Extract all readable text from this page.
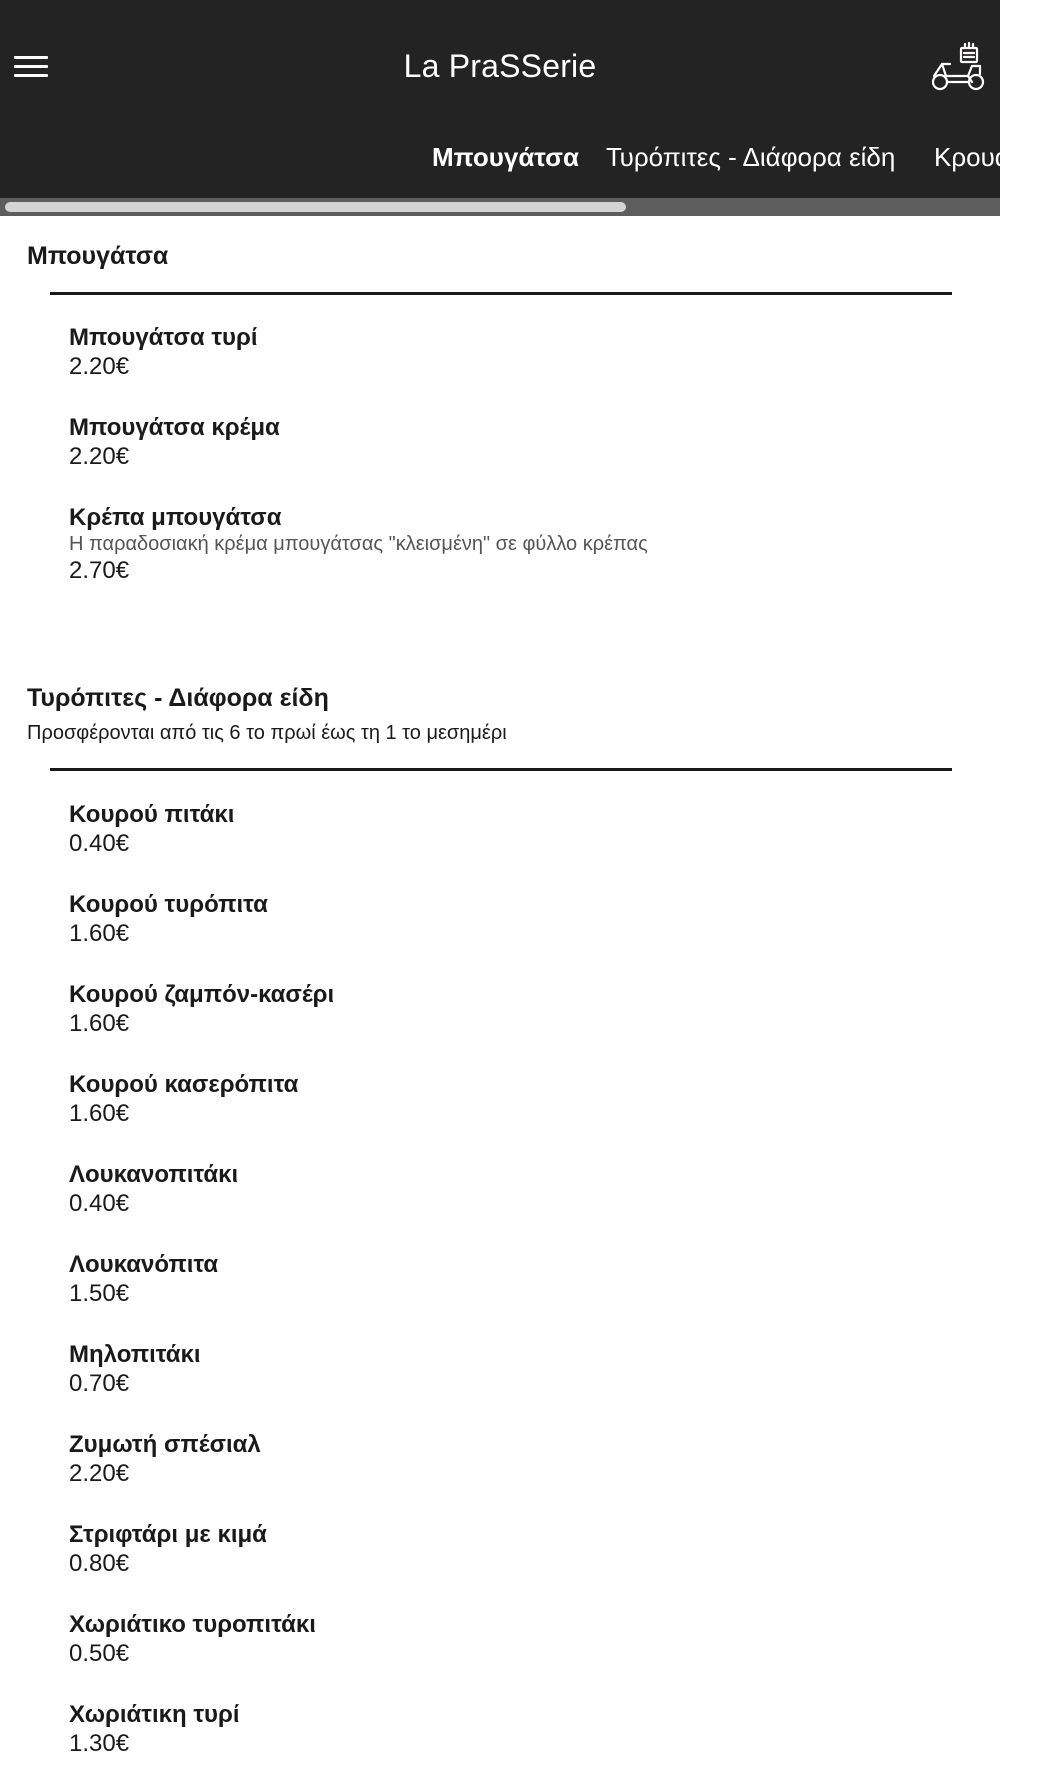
La PraSSerie
Μπουγάτσα Τυρόπιτες - Διάφορα είδη Κρουασάν
Μπουγάτσα
Μπουγάτσα τυρί
2.20€
Μπουγάτσα κρέμα
2.20€
Κρέπα μπουγάτσα
Η παραδοσιακή κρέμα μπουγάτσας "κλεισμένη" σε φύλλο κρέπας
2.70€
Τυρόπιτες - Διάφορα είδη
Προσφέρονται από τις 6 το πρωί έως τη 1 το μεσημέρι
Κουρού πιτάκι
0.40€
Κουρού τυρόπιτα
1.60€
Κουρού ζαμπόν-κασέρι
1.60€
Κουρού κασερόπιτα
1.60€
Λουκανοπιτάκι
0.40€
Λουκανόπιτα
1.50€
Μηλοπιτάκι
0.70€
Ζυμωτή σπέσιαλ
2.20€
Στριφτάρι με κιμά
0.80€
Χωριάτικο τυροπιτάκι
0.50€
Χωριάτικη τυρί
1.30€
